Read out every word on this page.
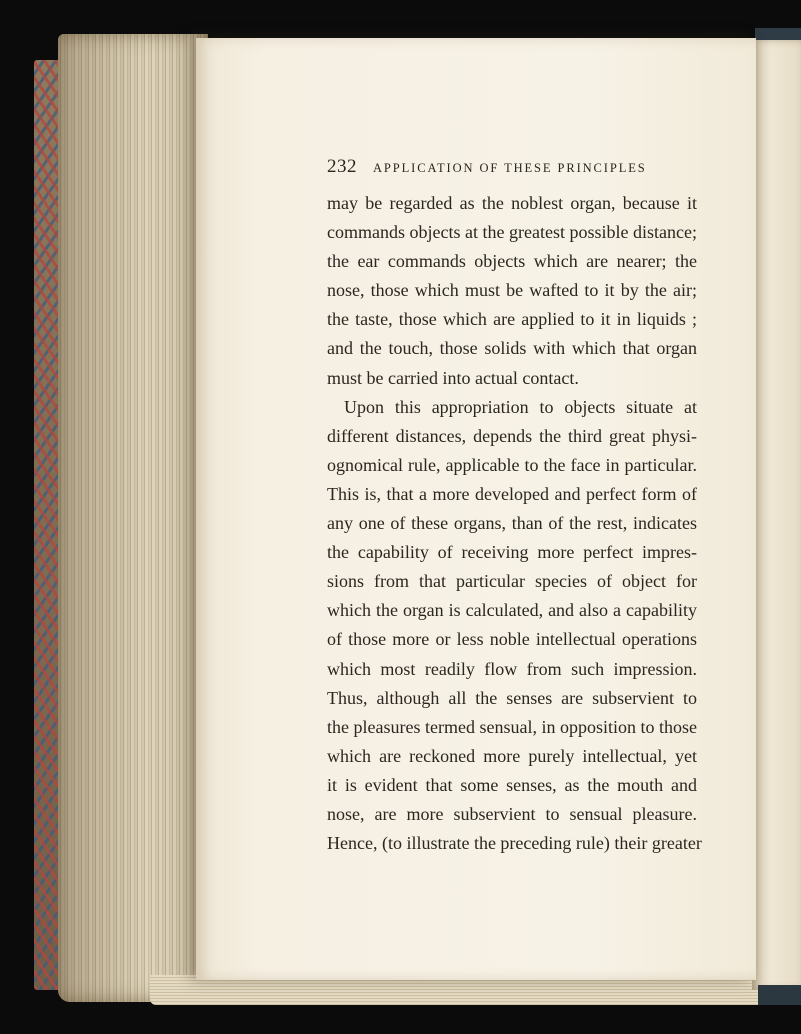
232 APPLICATION OF THESE PRINCIPLES
may be regarded as the noblest organ, because it
commands objects at the greatest possible distance;
the ear commands objects which are nearer; the
nose, those which must be wafted to it by the air;
the taste, those which are applied to it in liquids ;
and the touch, those solids with which that organ
must be carried into actual contact.
Upon this appropriation to objects situate at
different distances, depends the third great physi-
ognomical rule, applicable to the face in particular.
This is, that a more developed and perfect form of
any one of these organs, than of the rest, indicates
the capability of receiving more perfect impres-
sions from that particular species of object for
which the organ is calculated, and also a capability
of those more or less noble intellectual operations
which most readily flow from such impression.
Thus, although all the senses are subservient to
the pleasures termed sensual, in opposition to those
which are reckoned more purely intellectual, yet
it is evident that some senses, as the mouth and
nose, are more subservient to sensual pleasure.
Hence, (to illustrate the preceding rule) their greater
